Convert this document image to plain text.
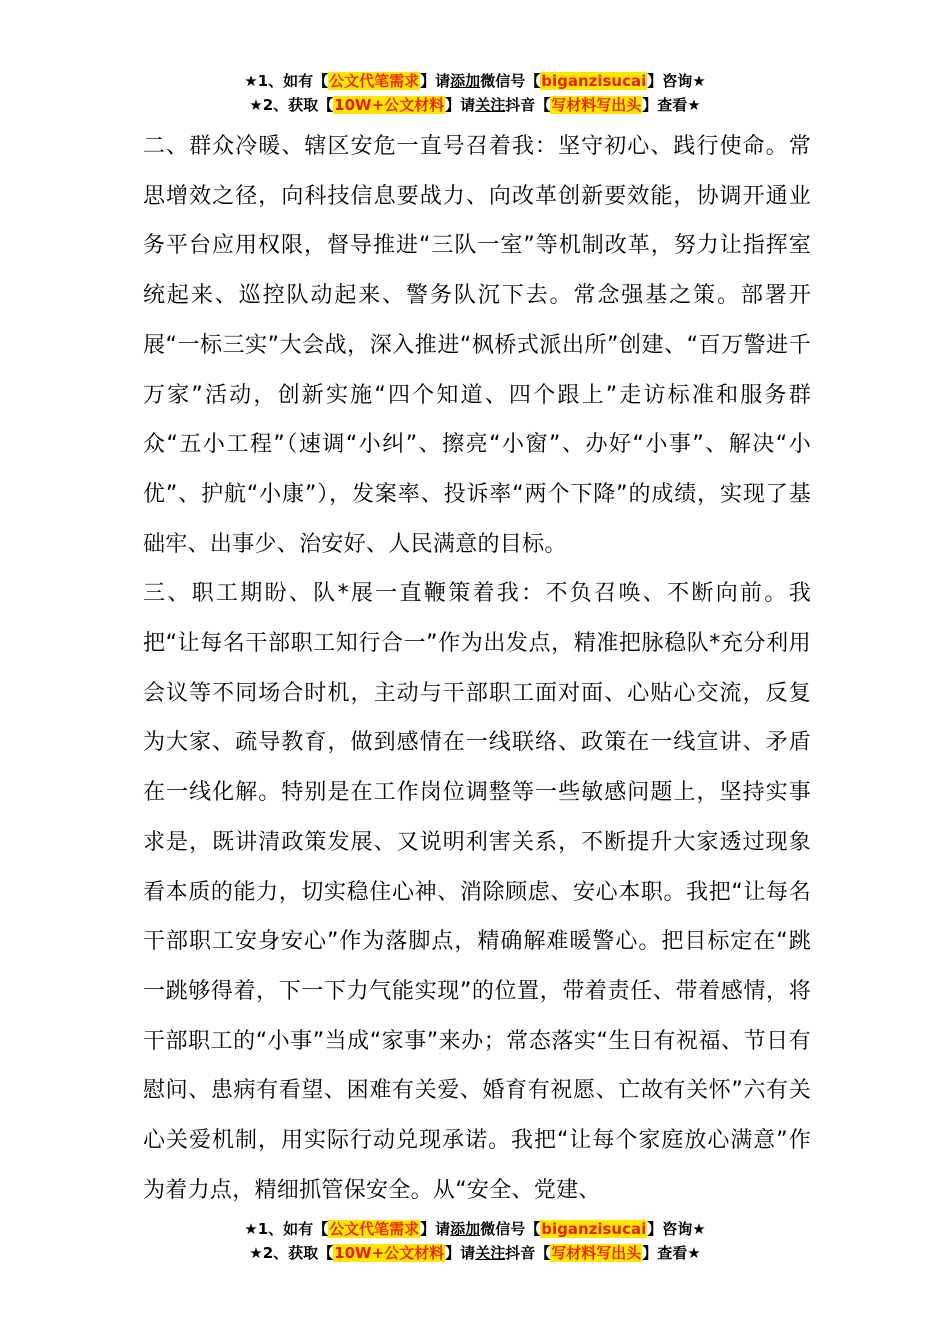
★1、如有【公文代笔需求】请添加微信号【biganzisucai】咨询★
★2、获取【10W+公文材料】请关注抖音【写材料写出头】查看★

二、群众冷暖、辖区安危一直号召着我：坚守初心、践行使命。常思增效之径，向科技信息要战力、向改革创新要效能，协调开通业务平台应用权限，督导推进“三队一室”等机制改革，努力让指挥室统起来、巡控队动起来、警务队沉下去。常念强基之策。部署开展“一标三实”大会战，深入推进“枫桥式派出所”创建、“百万警进千万家”活动，创新实施“四个知道、四个跟上”走访标准和服务群众“五小工程”（速调“小纠”、擦亮“小窗”、办好“小事”、解决“小优”、护航“小康”），发案率、投诉率“两个下降”的成绩，实现了基础牢、出事少、治安好、人民满意的目标。

三、职工期盼、队*展一直鞭策着我：不负召唤、不断向前。我把“让每名干部职工知行合一”作为出发点，精准把脉稳队*充分利用会议等不同场合时机，主动与干部职工面对面、心贴心交流，反复为大家、疏导教育，做到感情在一线联络、政策在一线宣讲、矛盾在一线化解。特别是在工作岗位调整等一些敏感问题上，坚持实事求是，既讲清政策发展、又说明利害关系，不断提升大家透过现象看本质的能力，切实稳住心神、消除顾虑、安心本职。我把“让每名干部职工安身安心”作为落脚点，精确解难暖警心。把目标定在“跳一跳够得着，下一下力气能实现”的位置，带着责任、带着感情，将干部职工的“小事”当成“家事”来办；常态落实“生日有祝福、节日有慰问、患病有看望、困难有关爱、婚育有祝愿、亡故有关怀”六有关心关爱机制，用实际行动兑现承诺。我把“让每个家庭放心满意”作为着力点，精细抓管保安全。从“安全、党建、

★1、如有【公文代笔需求】请添加微信号【biganzisucai】咨询★
★2、获取【10W+公文材料】请关注抖音【写材料写出头】查看★
